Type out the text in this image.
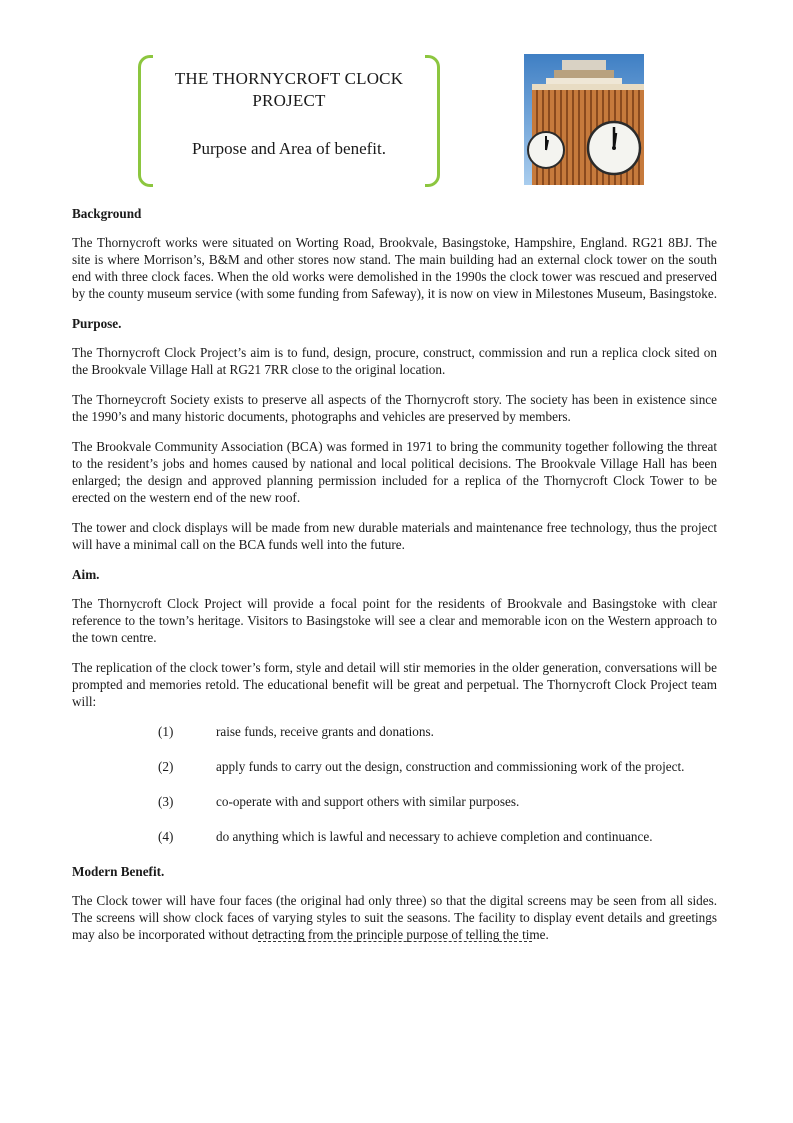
THE THORNYCROFT CLOCK
PROJECT
Purpose and Area of benefit.
Background

The Thornycroft works were situated on Worting Road, Brookvale, Basingstoke, Hampshire, England. RG21 8BJ. The site is where Morrison’s, B&M and other stores now stand. The main building had an external clock tower on the south end with three clock faces. When the old works were demolished in the 1990s the clock tower was rescued and preserved by the county museum service (with some funding from Safeway), it is now on view in Milestones Museum, Basingstoke.

Purpose.

The Thornycroft Clock Project’s aim is to fund, design, procure, construct, commission and run a replica clock sited on the Brookvale Village Hall at RG21 7RR close to the original location.

The Thorneycroft Society exists to preserve all aspects of the Thornycroft story. The society has been in existence since the 1990’s and many historic documents, photographs and vehicles are preserved by members.

The Brookvale Community Association (BCA) was formed in 1971 to bring the community together following the threat to the resident’s jobs and homes caused by national and local political decisions. The Brookvale Village Hall has been enlarged; the design and approved planning permission included for a replica of the Thornycroft Clock Tower to be erected on the western end of the new roof.

The tower and clock displays will be made from new durable materials and maintenance free technology, thus the project will have a minimal call on the BCA funds well into the future.

Aim.

The Thornycroft Clock Project will provide a focal point for the residents of Brookvale and Basingstoke with clear reference to the town’s heritage. Visitors to Basingstoke will see a clear and memorable icon on the Western approach to the town centre.

The replication of the clock tower’s form, style and detail will stir memories in the older generation, conversations will be prompted and memories retold. The educational benefit will be great and perpetual. The Thornycroft Clock Project team will:

(1)	raise funds, receive grants and donations.
(2)	apply funds to carry out the design, construction and commissioning work of the project.
(3)	co-operate with and support others with similar purposes.
(4)	do anything which is lawful and necessary to achieve completion and continuance.
Modern Benefit.

The Clock tower will have four faces (the original had only three) so that the digital screens may be seen from all sides. The screens will show clock faces of varying styles to suit the seasons. The facility to display event details and greetings may also be incorporated without detracting from the principle purpose of telling the time.
